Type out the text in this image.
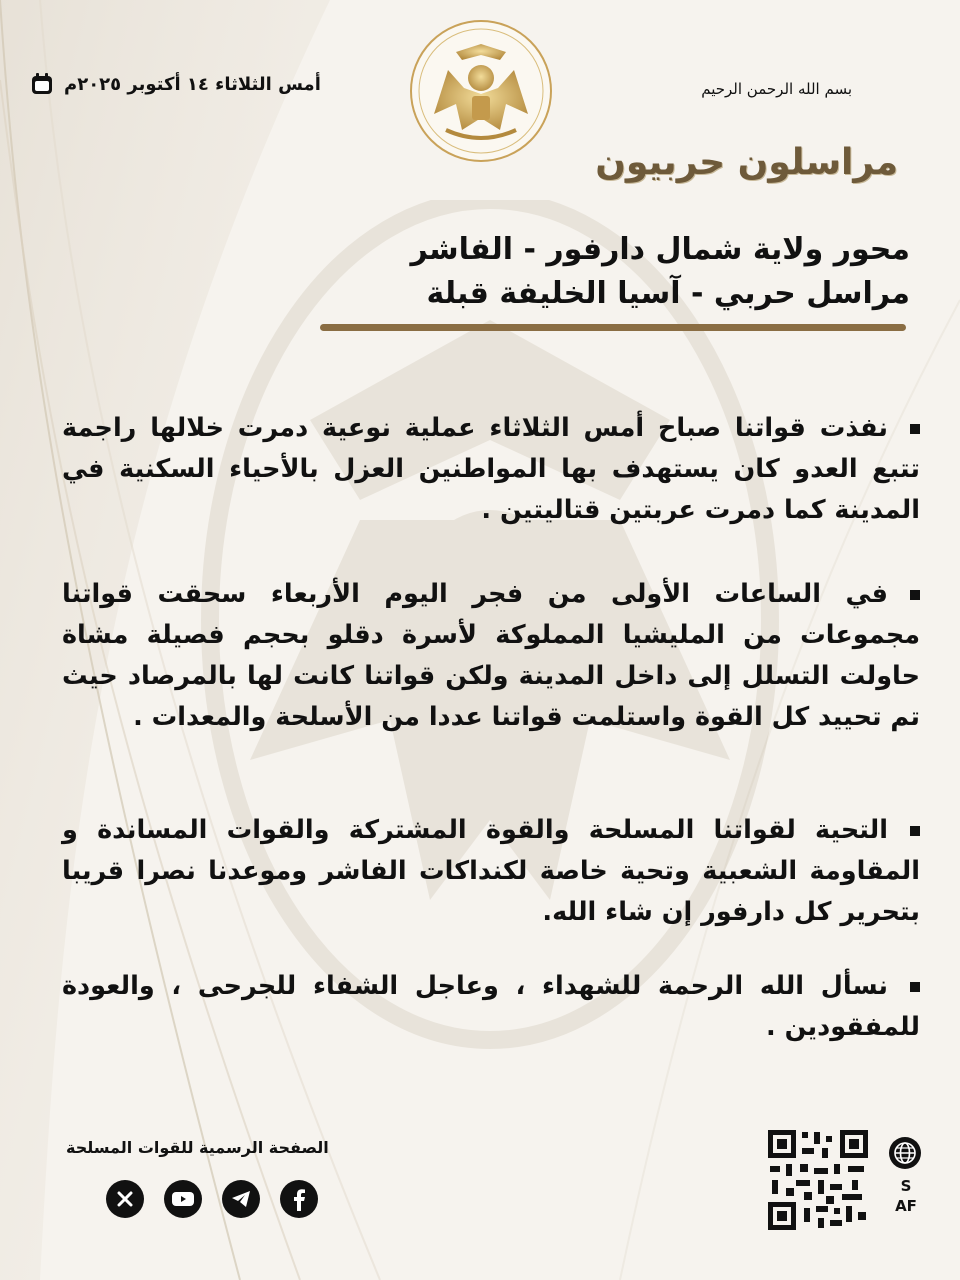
بسم الله الرحمن الرحيم
أمس الثلاثاء ١٤ أكتوبر ٢٠٢٥م
مراسلون حربيون
محور ولاية شمال دارفور - الفاشر
مراسل حربي - آسيا الخليفة قبلة

نفذت قواتنا صباح أمس الثلاثاء عملية نوعية دمرت خلالها راجمة تتبع العدو كان يستهدف بها المواطنين العزل بالأحياء السكنية في المدينة كما دمرت عربتين قتاليتين .

في الساعات الأولى من فجر اليوم الأربعاء سحقت قواتنا مجموعات من المليشيا المملوكة لأسرة دقلو بحجم فصيلة مشاة حاولت التسلل إلى داخل المدينة ولكن قواتنا كانت لها بالمرصاد حيث تم تحييد كل القوة واستلمت قواتنا عددا من الأسلحة والمعدات .

التحية لقواتنا المسلحة والقوة المشتركة والقوات المساندة و المقاومة الشعبية وتحية خاصة لكنداكات الفاشر وموعدنا نصرا قريبا بتحرير كل دارفور إن شاء الله.

نسأل الله الرحمة للشهداء ، وعاجل الشفاء للجرحى ، والعودة للمفقودين .

الصفحة الرسمية للقوات المسلحة
SAF
